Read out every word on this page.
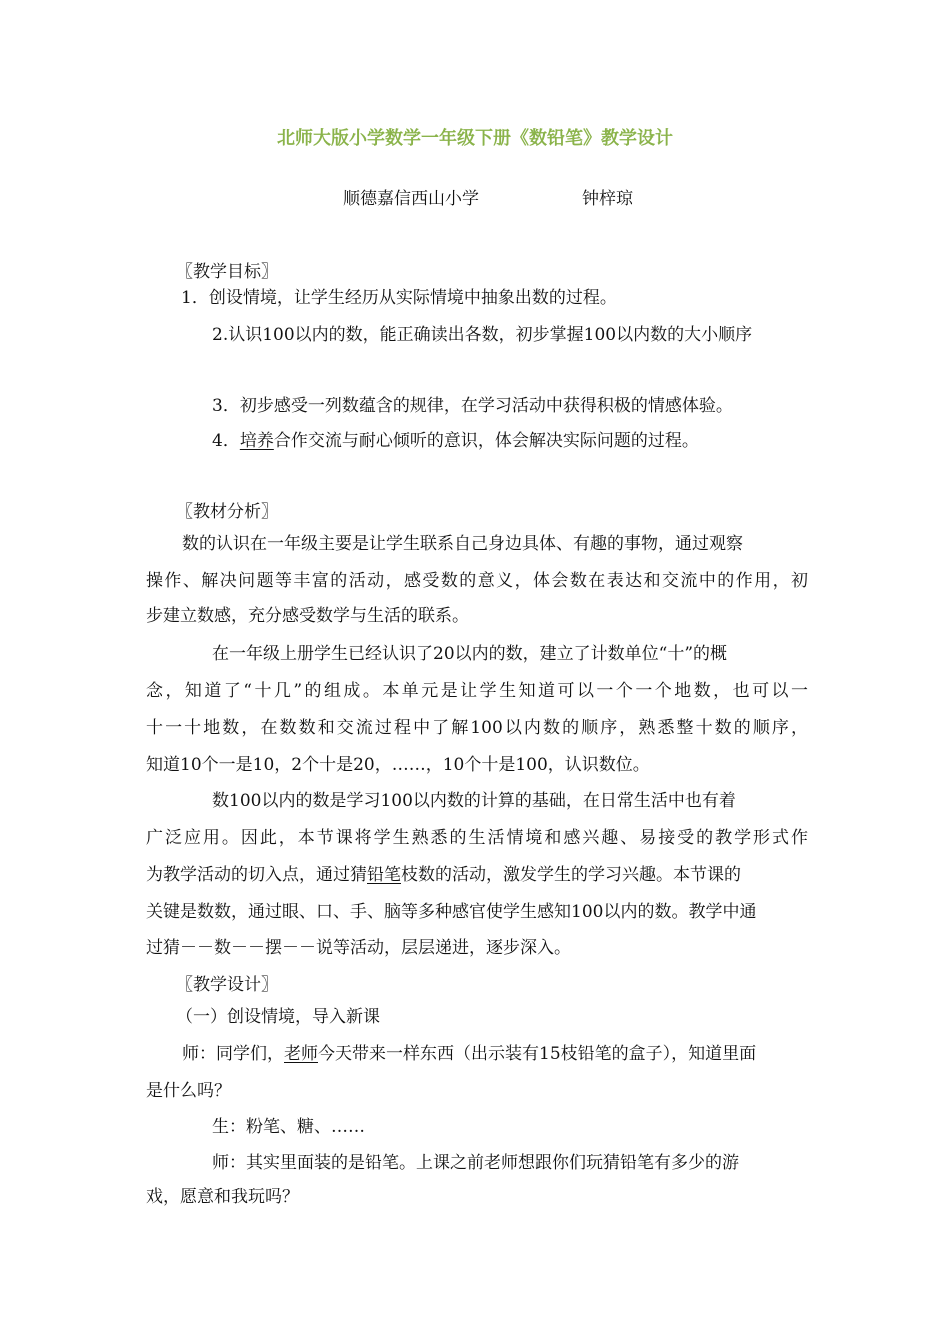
北师大版小学数学一年级下册《数铅笔》教学设计
顺德嘉信西山小学	钟梓琼
〖教学目标〗
1．创设情境，让学生经历从实际情境中抽象出数的过程。
2.认识100以内的数，能正确读出各数，初步掌握100以内数的大小顺序
3．初步感受一列数蕴含的规律，在学习活动中获得积极的情感体验。
4．培养合作交流与耐心倾听的意识，体会解决实际问题的过程。
〖教材分析〗
数的认识在一年级主要是让学生联系自己身边具体、有趣的事物，通过观察
操作、解决问题等丰富的活动，感受数的意义，体会数在表达和交流中的作用，初
步建立数感，充分感受数学与生活的联系。
在一年级上册学生已经认识了20以内的数，建立了计数单位“十”的概
念，知道了“十几”的组成。本单元是让学生知道可以一个一个地数，也可以一
十一十地数，在数数和交流过程中了解100以内数的顺序，熟悉整十数的顺序，
知道10个一是10，2个十是20，……，10个十是100，认识数位。
数100以内的数是学习100以内数的计算的基础，在日常生活中也有着
广泛应用。因此，本节课将学生熟悉的生活情境和感兴趣、易接受的教学形式作
为教学活动的切入点，通过猜铅笔枝数的活动，激发学生的学习兴趣。本节课的
关键是数数，通过眼、口、手、脑等多种感官使学生感知100以内的数。教学中通
过猜－－数－－摆－－说等活动，层层递进，逐步深入。
〖教学设计〗
（一）创设情境，导入新课
师：同学们，老师今天带来一样东西（出示装有15枝铅笔的盒子），知道里面
是什么吗？
生：粉笔、糖、……
师：其实里面装的是铅笔。上课之前老师想跟你们玩猜铅笔有多少的游
戏，愿意和我玩吗？
